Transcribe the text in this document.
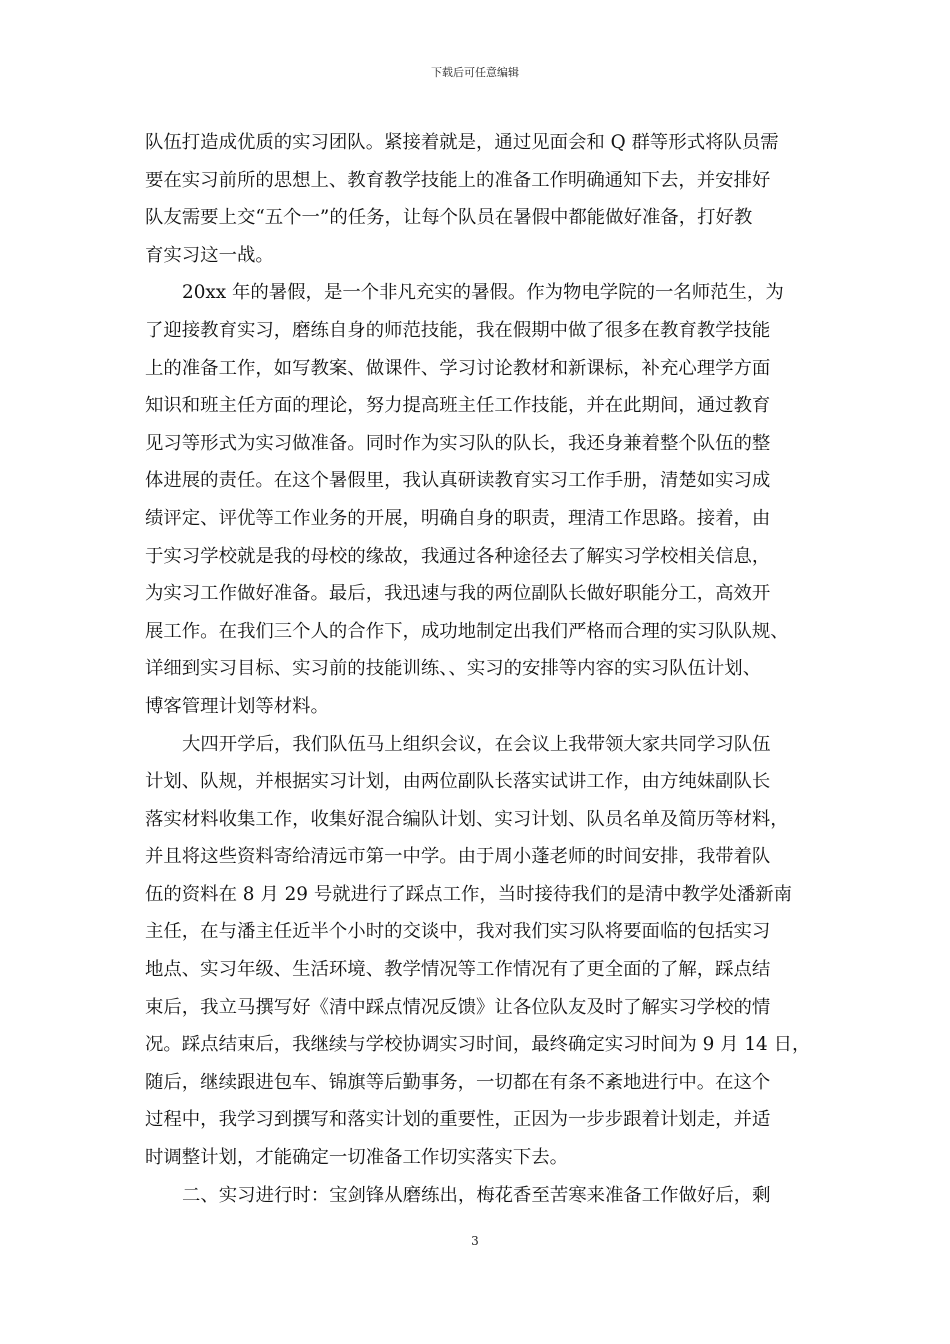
下载后可任意编辑
队伍打造成优质的实习团队。紧接着就是，通过见面会和 Q 群等形式将队员需
要在实习前所的思想上、教育教学技能上的准备工作明确通知下去，并安排好
队友需要上交“五个一”的任务，让每个队员在暑假中都能做好准备，打好教
育实习这一战。
20xx 年的暑假，是一个非凡充实的暑假。作为物电学院的一名师范生，为
了迎接教育实习，磨练自身的师范技能，我在假期中做了很多在教育教学技能
上的准备工作，如写教案、做课件、学习讨论教材和新课标，补充心理学方面
知识和班主任方面的理论，努力提高班主任工作技能，并在此期间，通过教育
见习等形式为实习做准备。同时作为实习队的队长，我还身兼着整个队伍的整
体进展的责任。在这个暑假里，我认真研读教育实习工作手册，清楚如实习成
绩评定、评优等工作业务的开展，明确自身的职责，理清工作思路。接着，由
于实习学校就是我的母校的缘故，我通过各种途径去了解实习学校相关信息，
为实习工作做好准备。最后，我迅速与我的两位副队长做好职能分工，高效开
展工作。在我们三个人的合作下，成功地制定出我们严格而合理的实习队队规、
详细到实习目标、实习前的技能训练、、实习的安排等内容的实习队伍计划、
博客管理计划等材料。
大四开学后，我们队伍马上组织会议，在会议上我带领大家共同学习队伍
计划、队规，并根据实习计划，由两位副队长落实试讲工作，由方纯妹副队长
落实材料收集工作，收集好混合编队计划、实习计划、队员名单及简历等材料，
并且将这些资料寄给清远市第一中学。由于周小蓬老师的时间安排，我带着队
伍的资料在 8 月 29 号就进行了踩点工作，当时接待我们的是清中教学处潘新南
主任，在与潘主任近半个小时的交谈中，我对我们实习队将要面临的包括实习
地点、实习年级、生活环境、教学情况等工作情况有了更全面的了解，踩点结
束后，我立马撰写好《清中踩点情况反馈》让各位队友及时了解实习学校的情
况。踩点结束后，我继续与学校协调实习时间，最终确定实习时间为 9 月 14 日，
随后，继续跟进包车、锦旗等后勤事务，一切都在有条不紊地进行中。在这个
过程中，我学习到撰写和落实计划的重要性，正因为一步步跟着计划走，并适
时调整计划，才能确定一切准备工作切实落实下去。
二、实习进行时：宝剑锋从磨练出，梅花香至苦寒来准备工作做好后，剩
3
